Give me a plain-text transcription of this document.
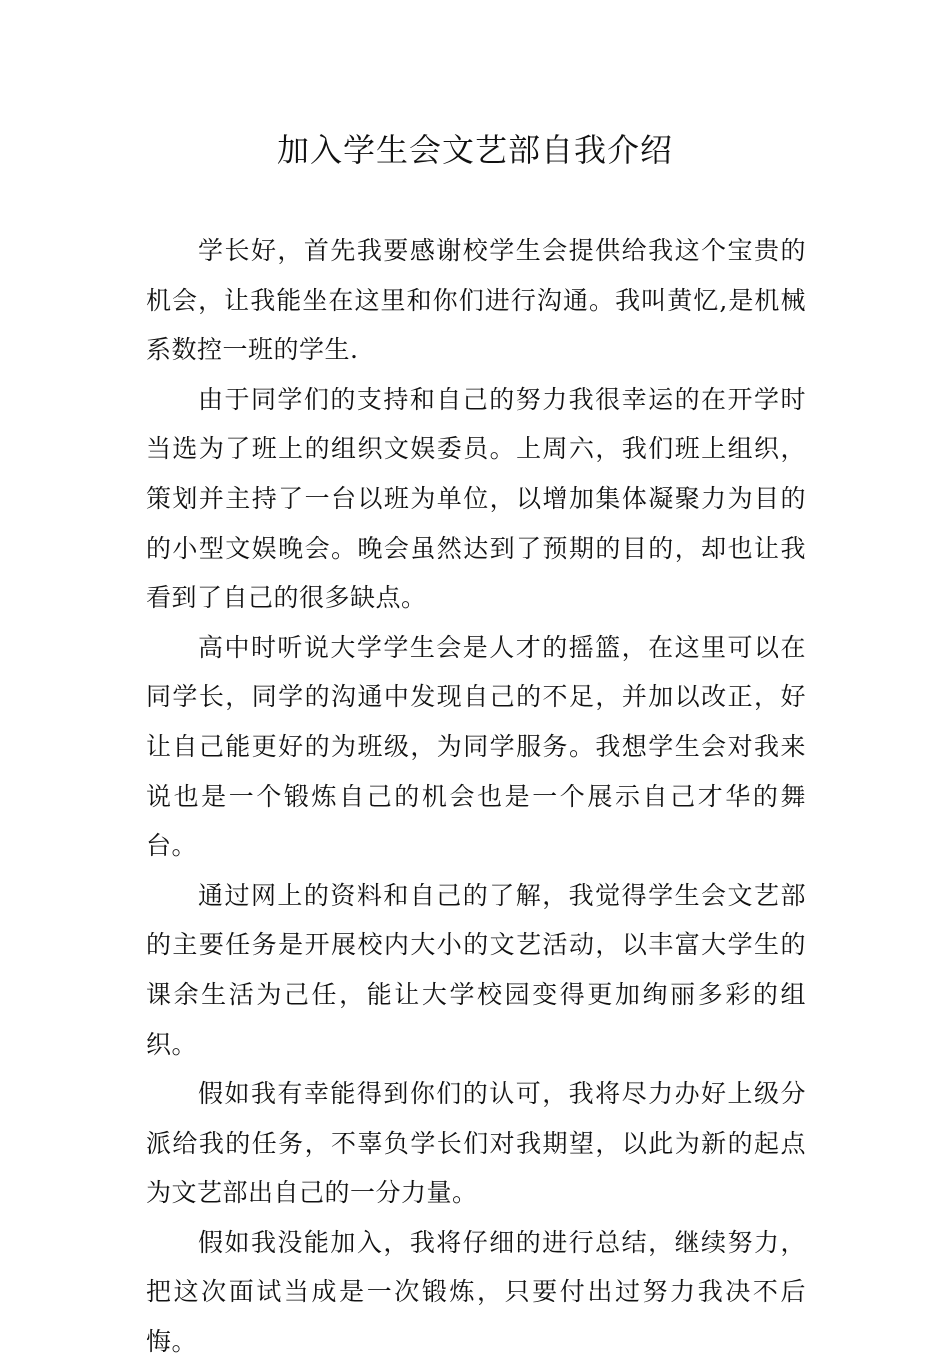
加入学生会文艺部自我介绍

学长好，首先我要感谢校学生会提供给我这个宝贵的机会，让我能坐在这里和你们进行沟通。我叫黄忆,是机械系数控一班的学生.

由于同学们的支持和自己的努力我很幸运的在开学时当选为了班上的组织文娱委员。上周六，我们班上组织，策划并主持了一台以班为单位，以增加集体凝聚力为目的的小型文娱晚会。晚会虽然达到了预期的目的，却也让我看到了自己的很多缺点。

高中时听说大学学生会是人才的摇篮，在这里可以在同学长，同学的沟通中发现自己的不足，并加以改正，好让自己能更好的为班级，为同学服务。我想学生会对我来说也是一个锻炼自己的机会也是一个展示自己才华的舞台。

通过网上的资料和自己的了解，我觉得学生会文艺部的主要任务是开展校内大小的文艺活动，以丰富大学生的课余生活为己任，能让大学校园变得更加绚丽多彩的组织。

假如我有幸能得到你们的认可，我将尽力办好上级分派给我的任务，不辜负学长们对我期望，以此为新的起点为文艺部出自己的一分力量。

假如我没能加入，我将仔细的进行总结，继续努力，把这次面试当成是一次锻炼，只要付出过努力我决不后悔。
